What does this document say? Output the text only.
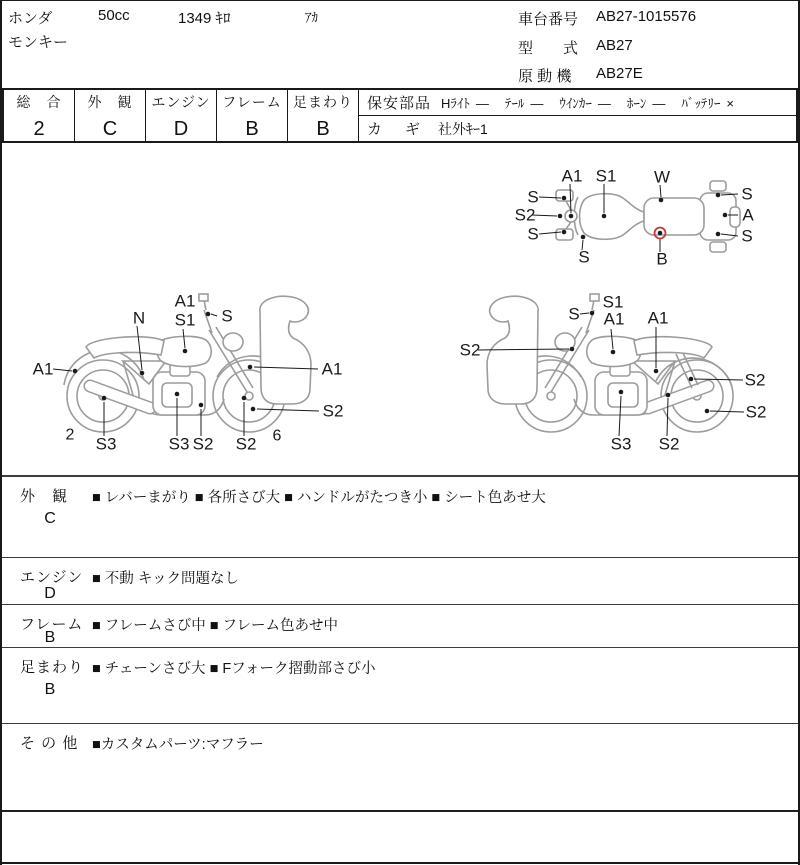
ホンダ	50cc	1349 ｷﾛ	ｱｶ
モンキー
車台番号 AB27-1015576
型　　式 AB27
原 動 機 AB27E
総　合
2
外　観
C
エンジン
D
フレーム
B
足まわり
B
保安部品 Hﾗｲﾄ — ﾃｰﾙ — ｳｲﾝｶｰ — ﾎｰﾝ — ﾊﾞｯﾃﾘｰ ×
カ　ギ 社外ｷｰ1
A1 S1 W
S
S2
S
S
A
S
S	B
N
A1
S1 S
A1	A1
S2
2 S3	S3 S2 S2 6
S1
A1
S	A1
S2
S2
S2
S3 S2
外　観
C
■ レバーまがり ■ 各所さび大 ■ ハンドルがたつき小 ■ シート色あせ大
エンジン
D
■ 不動 キック問題なし
フレーム
B
■ フレームさび中 ■ フレーム色あせ中
足まわり
B
■ チェーンさび大 ■ Fフォーク摺動部さび小
そ の 他 ■カスタムパーツ:マフラー
